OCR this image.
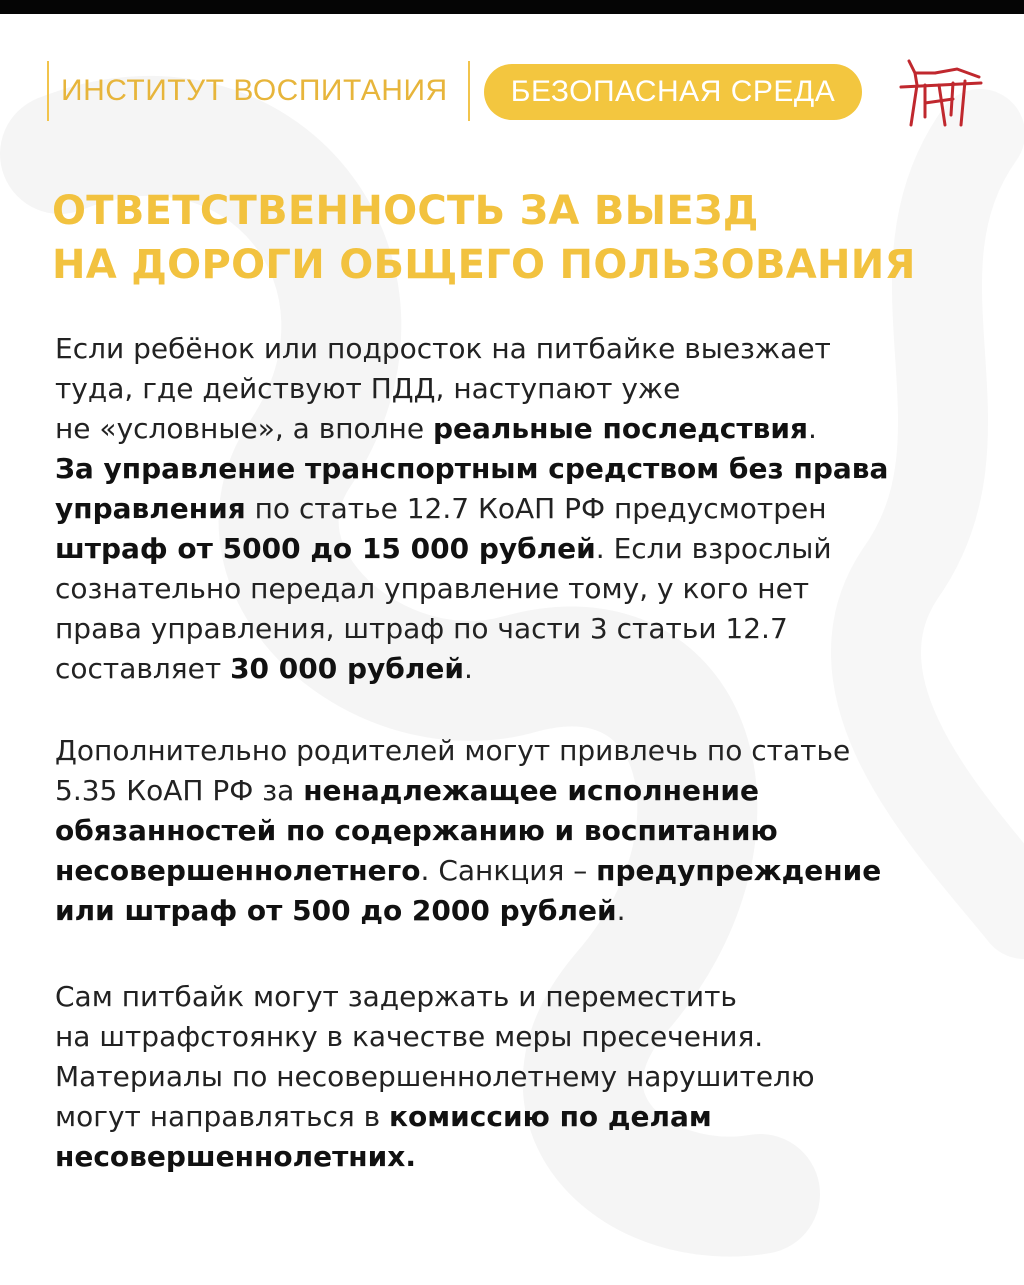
ИНСТИТУТ ВОСПИТАНИЯ БЕЗОПАСНАЯ СРЕДА
ОТВЕТСТВЕННОСТЬ ЗА ВЫЕЗД
НА ДОРОГИ ОБЩЕГО ПОЛЬЗОВАНИЯ
Если ребёнок или подросток на питбайке выезжает
туда, где действуют ПДД, наступают уже
не «условные», а вполне реальные последствия.
За управление транспортным средством без права
управления по статье 12.7 КоАП РФ предусмотрен
штраф от 5000 до 15 000 рублей. Если взрослый
сознательно передал управление тому, у кого нет
права управления, штраф по части 3 статьи 12.7
составляет 30 000 рублей.
Дополнительно родителей могут привлечь по статье
5.35 КоАП РФ за ненадлежащее исполнение
обязанностей по содержанию и воспитанию
несовершеннолетнего. Санкция – предупреждение
или штраф от 500 до 2000 рублей.
Сам питбайк могут задержать и переместить
на штрафстоянку в качестве меры пресечения.
Материалы по несовершеннолетнему нарушителю
могут направляться в комиссию по делам
несовершеннолетних.
